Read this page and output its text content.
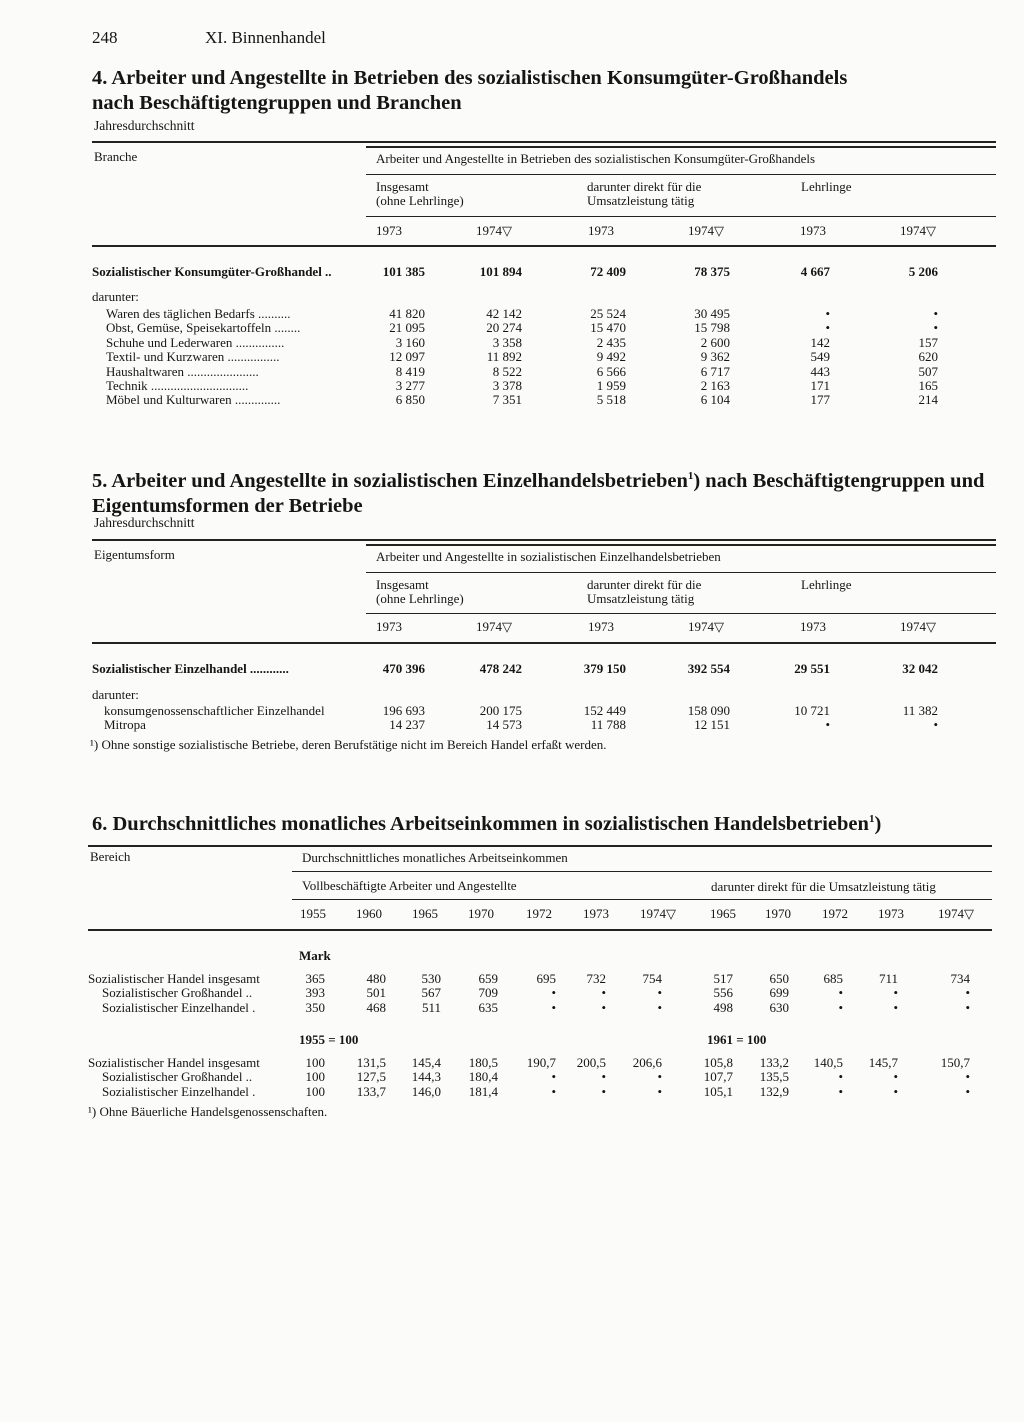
248	XI. Binnenhandel
4. Arbeiter und Angestellte in Betrieben des sozialistischen Konsumgüter-Großhandels nach Beschäftigtengruppen und Branchen
Jahresdurchschnitt
Branche	Arbeiter und Angestellte in Betrieben des sozialistischen Konsumgüter-Großhandels
Insgesamt
(ohne Lehrlinge)
darunter direkt für die
Umsatzleistung tätig
Lehrlinge
1973	1974▽	1973	1974▽	1973	1974▽
Sozialistischer Konsumgüter-Großhandel ..	101 385	101 894	72 409	78 375	4 667	5 206
darunter:
Waren des täglichen Bedarfs ..........	41 820	42 142	25 524	30 495	•	•
Obst, Gemüse, Speisekartoffeln ........	21 095	20 274	15 470	15 798	•	•
Schuhe und Lederwaren ...............	3 160	3 358	2 435	2 600	142	157
Textil- und Kurzwaren ................	12 097	11 892	9 492	9 362	549	620
Haushaltwaren ......................	8 419	8 522	6 566	6 717	443	507
Technik ..............................	3 277	3 378	1 959	2 163	171	165
Möbel und Kulturwaren ..............	6 850	7 351	5 518	6 104	177	214
5. Arbeiter und Angestellte in sozialistischen Einzelhandelsbetrieben$^1$) nach Beschäftigtengruppen und Eigentumsformen der Betriebe
Jahresdurchschnitt
Eigentumsform	Arbeiter und Angestellte in sozialistischen Einzelhandelsbetrieben
Insgesamt
(ohne Lehrlinge)
darunter direkt für die
Umsatzleistung tätig
Lehrlinge
1973	1974▽	1973	1974▽	1973	1974▽
Sozialistischer Einzelhandel ............	470 396	478 242	379 150	392 554	29 551	32 042
darunter:
konsumgenossenschaftlicher Einzelhandel	196 693	200 175	152 449	158 090	10 721	11 382
Mitropa	14 237	14 573	11 788	12 151	•	•
¹) Ohne sonstige sozialistische Betriebe, deren Berufstätige nicht im Bereich Handel erfaßt werden.
6. Durchschnittliches monatliches Arbeitseinkommen in sozialistischen Handelsbetrieben$^1$)
Bereich	Durchschnittliches monatliches Arbeitseinkommen
Vollbeschäftigte Arbeiter und Angestellte	darunter direkt für die Umsatzleistung tätig
1955 1960 1965 1970 1972 1973 1974▽	1965 1970 1972 1973	1974▽
Mark
Sozialistischer Handel insgesamt	365	480	530	659	695	732	754	517	650	685	711	734
Sozialistischer Großhandel ..	393	501	567	709	•	•	•	556	699	•	•	•
Sozialistischer Einzelhandel .	350	468	511	635	•	•	•	498	630	•	•	•
1955 = 100	1961 = 100
Sozialistischer Handel insgesamt	100	131,5	145,4	180,5	190,7	200,5	206,6	105,8	133,2	140,5	145,7	150,7
Sozialistischer Großhandel ..	100	127,5	144,3	180,4	•	•	•	107,7	135,5	•	•	•
Sozialistischer Einzelhandel .	100	133,7	146,0	181,4	•	•	•	105,1	132,9	•	•	•
¹) Ohne Bäuerliche Handelsgenossenschaften.
